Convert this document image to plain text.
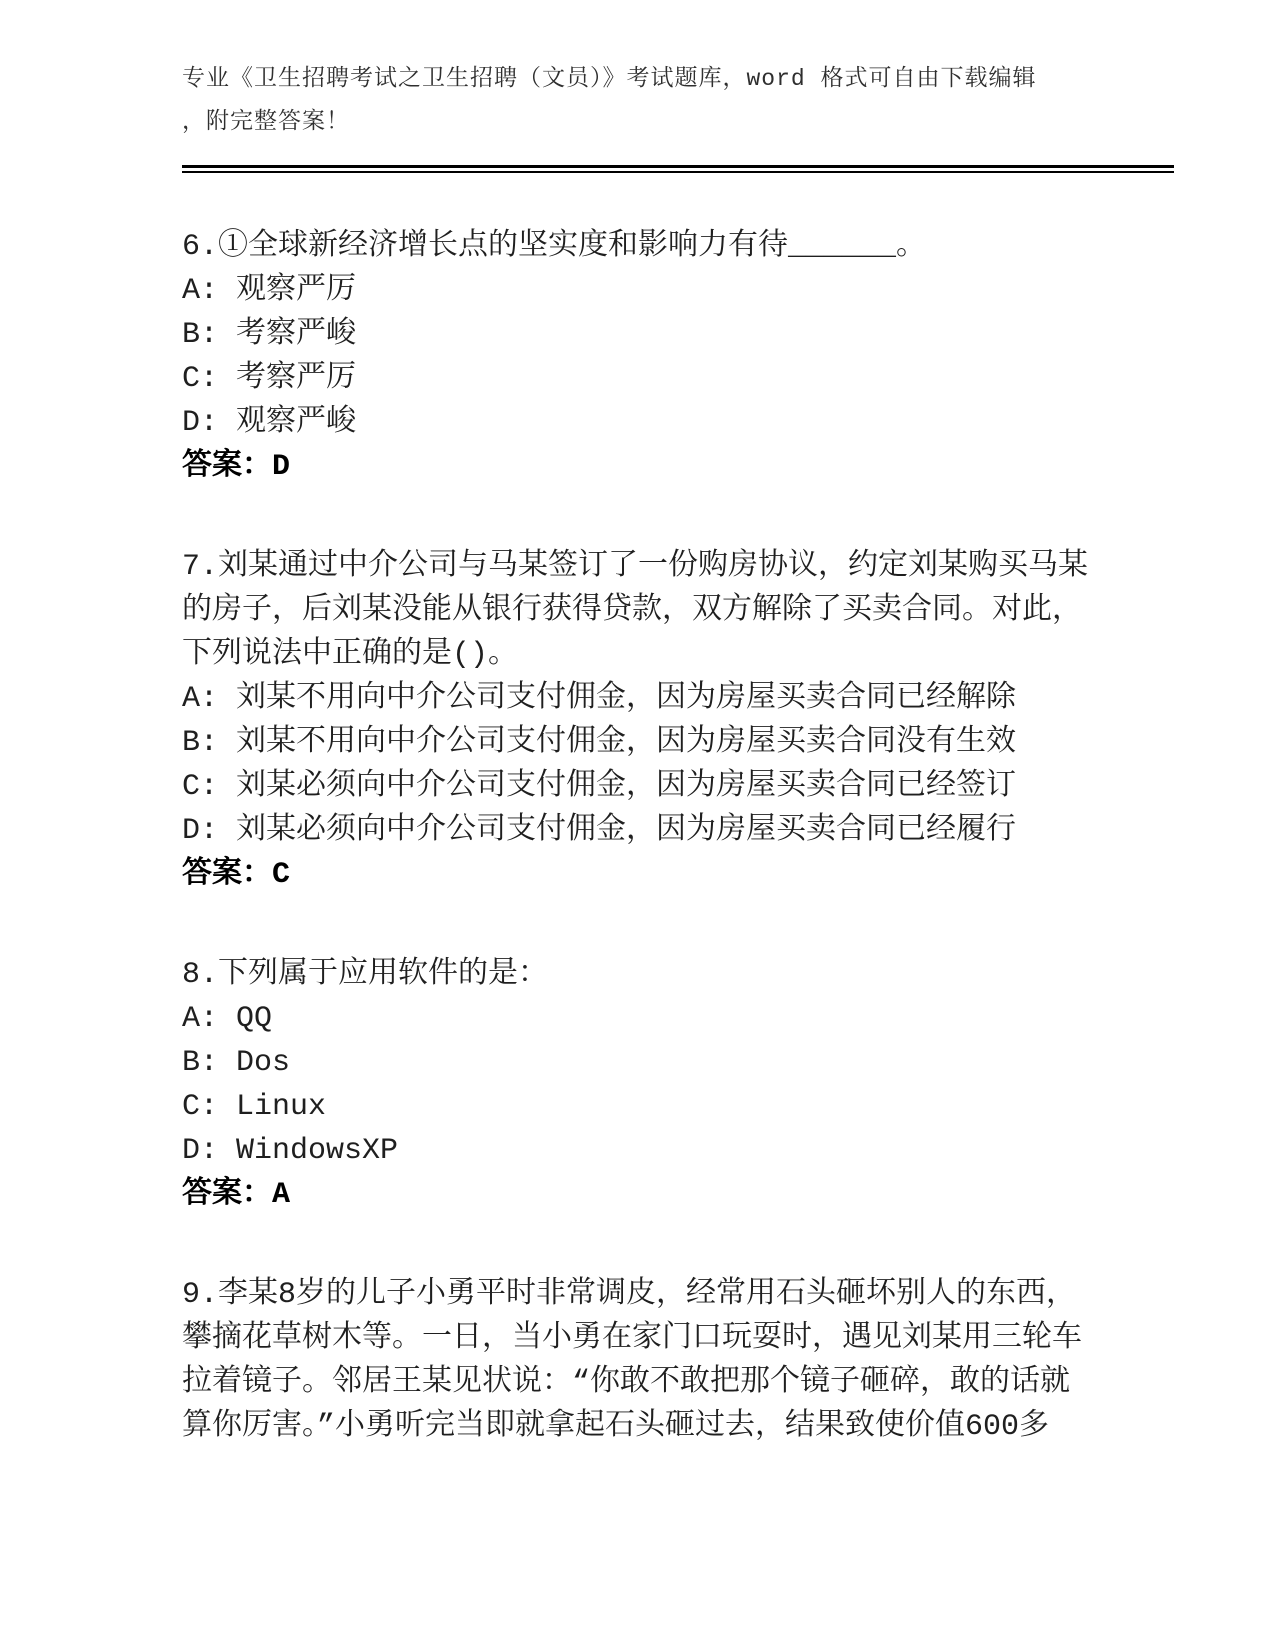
专业《卫生招聘考试之卫生招聘（文员）》考试题库，word 格式可自由下载编辑
，附完整答案！
6.①全球新经济增长点的坚实度和影响力有待______。
A: 观察严厉
B: 考察严峻
C: 考察严厉
D: 观察严峻
答案：D
7.刘某通过中介公司与马某签订了一份购房协议，约定刘某购买马某
的房子，后刘某没能从银行获得贷款，双方解除了买卖合同。对此，
下列说法中正确的是()。
A: 刘某不用向中介公司支付佣金，因为房屋买卖合同已经解除
B: 刘某不用向中介公司支付佣金，因为房屋买卖合同没有生效
C: 刘某必须向中介公司支付佣金，因为房屋买卖合同已经签订
D: 刘某必须向中介公司支付佣金，因为房屋买卖合同已经履行
答案：C
8.下列属于应用软件的是：
A: QQ
B: Dos
C: Linux
D: WindowsXP
答案：A
9.李某8岁的儿子小勇平时非常调皮，经常用石头砸坏别人的东西，
攀摘花草树木等。一日，当小勇在家门口玩耍时，遇见刘某用三轮车
拉着镜子。邻居王某见状说：“你敢不敢把那个镜子砸碎，敢的话就
算你厉害。”小勇听完当即就拿起石头砸过去，结果致使价值600多
